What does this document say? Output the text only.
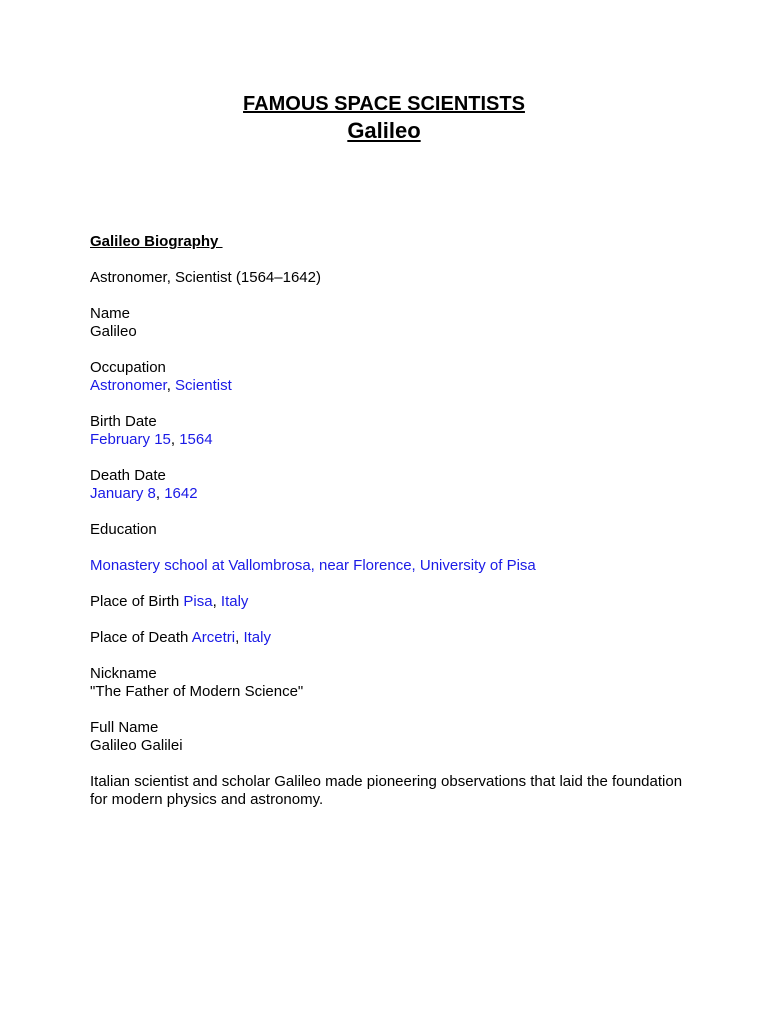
FAMOUS SPACE SCIENTISTS
Galileo

Galileo Biography

Astronomer, Scientist (1564–1642)

Name

Galileo

Occupation

Astronomer, Scientist

Birth Date

February 15, 1564

Death Date

January 8, 1642

Education

Monastery school at Vallombrosa, near Florence, University of Pisa

Place of Birth Pisa, Italy

Place of Death Arcetri, Italy

Nickname

"The Father of Modern Science"

Full Name

Galileo Galilei

Italian scientist and scholar Galileo made pioneering observations that laid the foundation for modern physics and astronomy.
